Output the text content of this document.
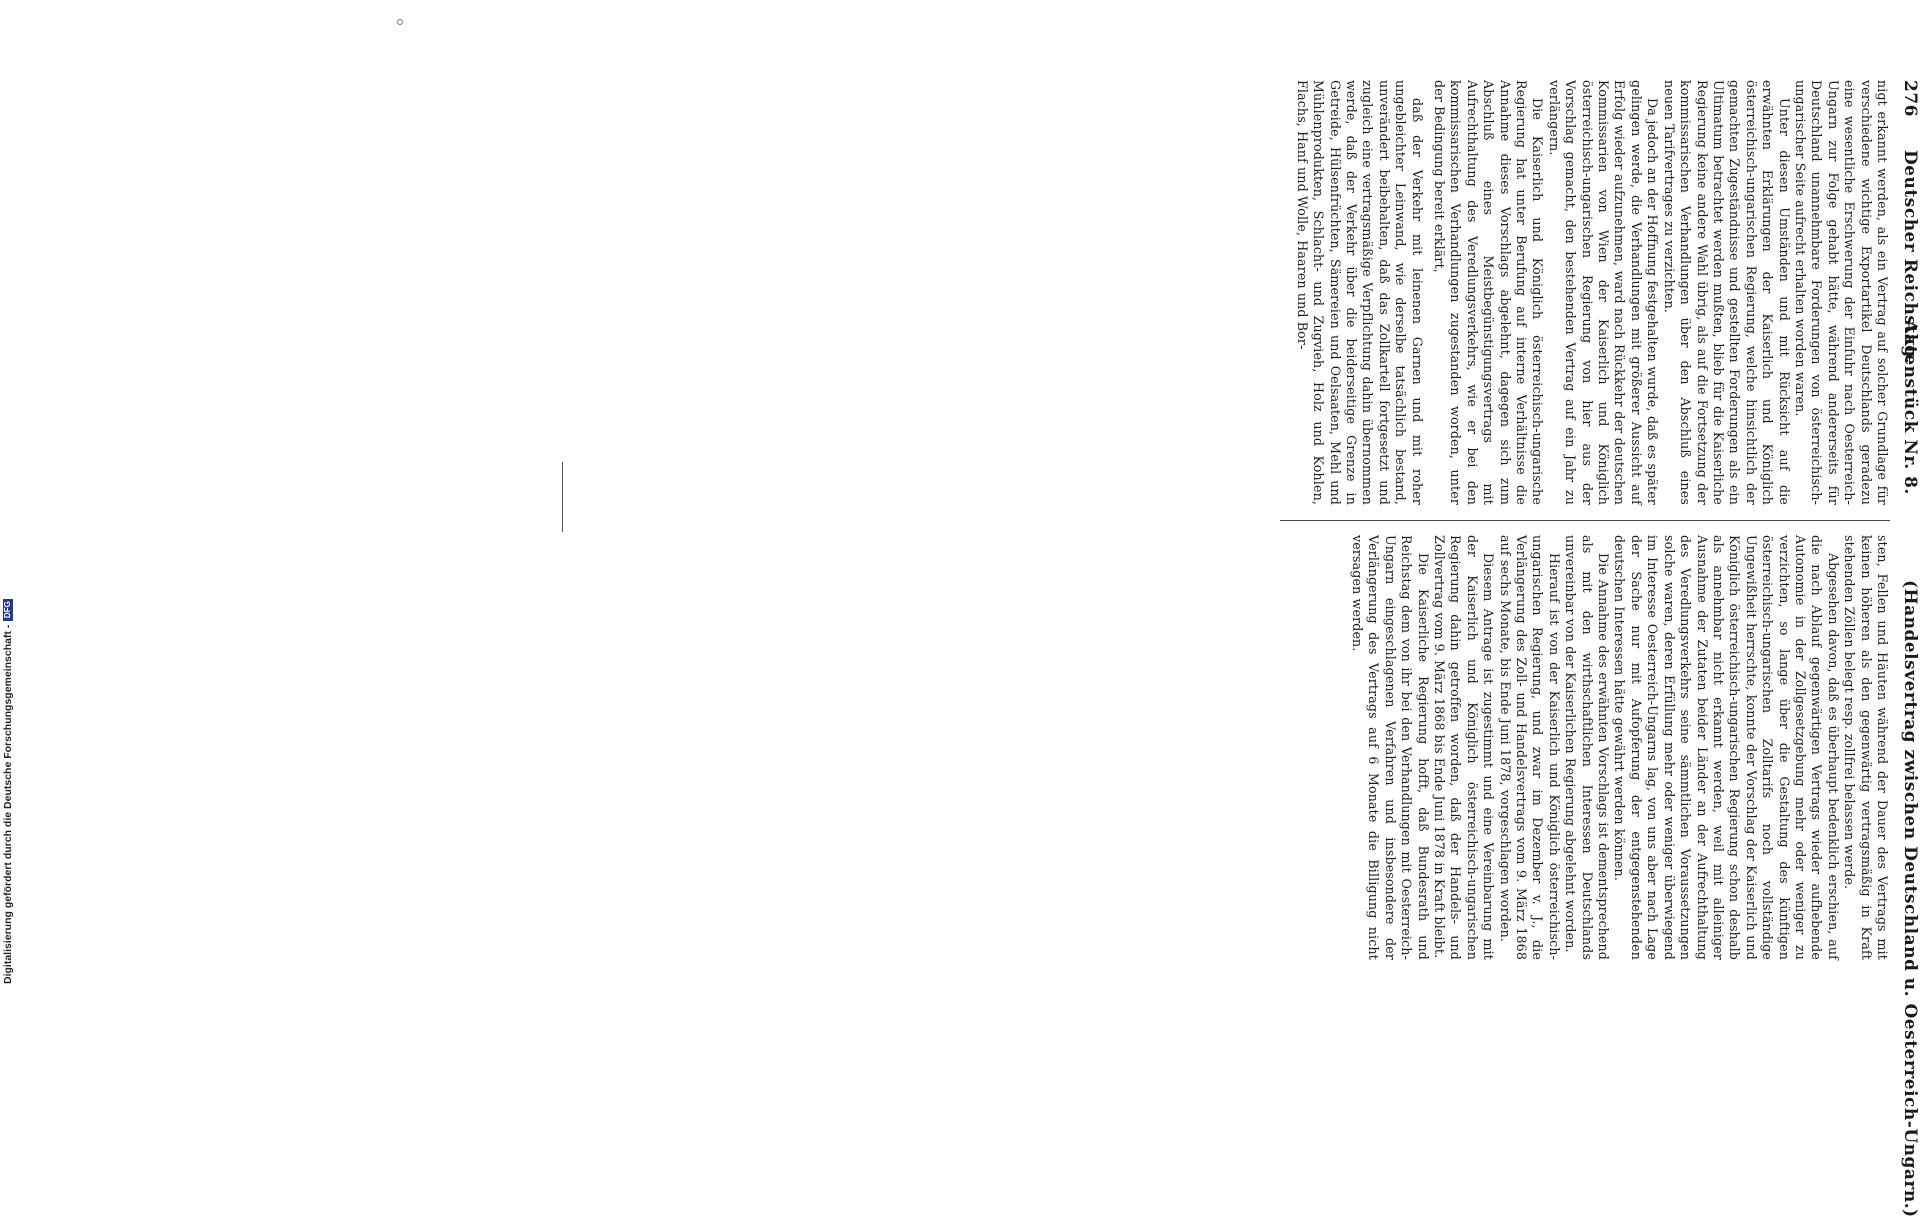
276
Deutscher Reichstag.
Aktenstück Nr. 8.
(Handelsvertrag zwischen Deutschland u. Oesterreich-Ungarn.)

nigt erkannt werden, als ein Vertrag auf solcher Grundlage für verschiedene wichtige Exportartikel Deutschlands geradezu eine wesentliche Erschwerung der Einfuhr nach Oesterreich-Ungarn zur Folge gehabt hätte, während andererseits für Deutschland unannehmbare Forderungen von österreichisch-ungarischer Seite aufrecht erhalten worden waren.

Unter diesen Umständen und mit Rücksicht auf die erwähnten Erklärungen der Kaiserlich und Königlich österreichisch-ungarischen Regierung, welche hinsichtlich der gemachten Zugeständnisse und gestellten Forderungen als ein Ultimatum betrachtet werden mußten, blieb für die Kaiserliche Regierung keine andere Wahl übrig, als auf die Fortsetzung der kommissarischen Verhandlungen über den Abschluß eines neuen Tarifvertrages zu verzichten.

Da jedoch an der Hoffnung festgehalten wurde, daß es später gelingen werde, die Verhandlungen mit größerer Aussicht auf Erfolg wieder aufzunehmen, ward nach Rückkehr der deutschen Kommissarien von Wien der Kaiserlich und Königlich österreichisch-ungarischen Regierung von hier aus der Vorschlag gemacht, den bestehenden Vertrag auf ein Jahr zu verlängern.

Die Kaiserlich und Königlich österreichisch-ungarische Regierung hat unter Berufung auf interne Verhältnisse die Annahme dieses Vorschlags abgelehnt, dagegen sich zum Abschluß eines Meistbegünstigungsvertrags mit Aufrechthaltung des Veredlungsverkehrs, wie er bei den kommissarischen Verhandlungen zugestanden worden, unter der Bedingung bereit erklärt,

daß der Verkehr mit leinenen Garnen und mit roher ungebleichter Leinwand, wie derselbe tatsächlich bestand, unverändert beibehalten, daß das Zollkartell fortgesetzt und zugleich eine vertragsmäßige Verpflichtung dahin übernommen werde, daß der Verkehr über die beiderseitige Grenze in Getreide, Hülsenfrüchten, Sämereien und Oelsaaten, Mehl und Mühlenprodukten, Schlacht- und Zugvieh, Holz und Kohlen, Flachs, Hanf und Wolle, Haaren und Bor-

sten, Fellen und Häuten während der Dauer des Vertrags mit keinen höheren als den gegenwärtig vertragsmäßig in Kraft stehenden Zöllen belegt resp. zollfrei belassen werde.

Abgesehen davon, daß es überhaupt bedenklich erschien, auf die nach Ablauf gegenwärtigen Vertrags wieder aufhebende Autonomie in der Zollgesetzgebung mehr oder weniger zu verzichten, so lange über die Gestaltung des künftigen österreichisch-ungarischen Zolltarifs noch vollständige Ungewißheit herrschte, konnte der Vorschlag der Kaiserlich und Königlich österreichisch-ungarischen Regierung schon deshalb als annehmbar nicht erkannt werden, weil mit alleiniger Ausnahme der Zutaten beider Länder an der Aufrechthaltung des Veredlungsverkehrs seine sämmtlichen Voraussetzungen solche waren, deren Erfüllung mehr oder weniger überwiegend im Interesse Oesterreich-Ungarns lag, von uns aber nach Lage der Sache nur mit Aufopferung der entgegenstehenden deutschen Interessen hätte gewährt werden können.

Die Annahme des erwähnten Vorschlags ist dementsprechend als mit den wirthschaftlichen Interessen Deutschlands unvereinbar von der Kaiserlichen Regierung abgelehnt worden.

Hierauf ist von der Kaiserlich und Königlich österreichisch-ungarischen Regierung, und zwar im Dezember v. J., die Verlängerung des Zoll- und Handelsvertrags vom 9. März 1868 auf sechs Monate, bis Ende Juni 1878, vorgeschlagen worden.

Diesem Antrage ist zugestimmt und eine Vereinbarung mit der Kaiserlich und Königlich österreichisch-ungarischen Regierung dahin getroffen worden, daß der Handels- und Zollvertrag vom 9. März 1868 bis Ende Juni 1878 in Kraft bleibt.

Die Kaiserliche Regierung hofft, daß Bundesrath und Reichstag dem von ihr bei den Verhandlungen mit Oesterreich-Ungarn eingeschlagenen Verfahren und insbesondere der Verlängerung des Vertrags auf 6 Monate die Billigung nicht versagen werden.

Digitalisierung gefördert durch die Deutsche Forschungsgemeinschaft -
DFG
